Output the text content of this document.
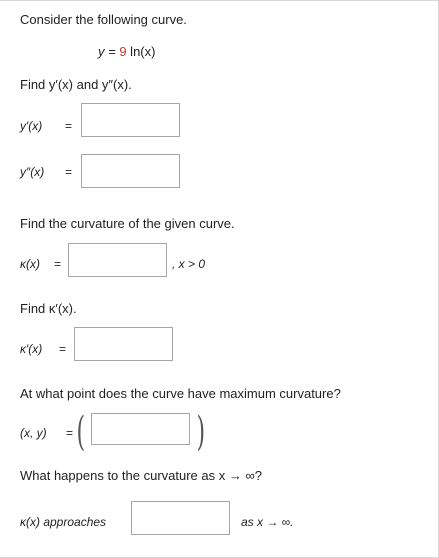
Consider the following curve.
y = 9 ln(x)
Find y′(x) and y″(x).
y′(x) =
y″(x) =
Find the curvature of the given curve.
κ(x) =	, x > 0
Find κ′(x).
κ′(x) =
At what point does the curve have maximum curvature?
(x, y) = (	)
What happens to the curvature as x → ∞?
κ(x) approaches	as x → ∞.
